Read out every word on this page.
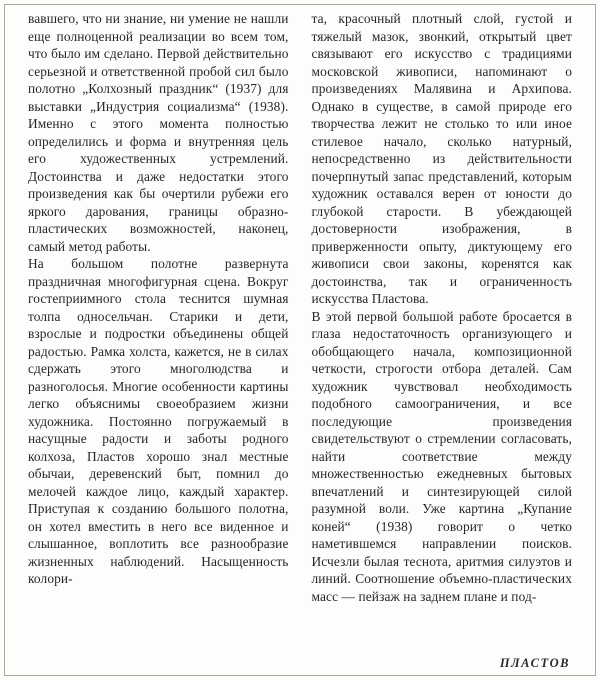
вавшего, что ни знание, ни умение не нашли еще полноценной реализации во всем том, что было им сделано. Первой действительно серьезной и ответственной пробой сил было полотно „Колхозный праздник“ (1937) для выставки „Индустрия социализма“ (1938). Именно с этого момента полностью определились и форма и внутренняя цель его художественных устремлений. Достоинства и даже недостатки этого произведения как бы очертили рубежи его яркого дарования, границы образно-пластических возможностей, наконец, самый метод работы.

На большом полотне развернута праздничная многофигурная сцена. Вокруг гостеприимного стола теснится шумная толпа односельчан. Старики и дети, взрослые и подростки объединены общей радостью. Рамка холста, кажется, не в силах сдержать этого многолюдства и разноголосья. Многие особенности картины легко объяснимы своеобразием жизни художника. Постоянно погружаемый в насущные радости и заботы родного колхоза, Пластов хорошо знал местные обычаи, деревенский быт, помнил до мелочей каждое лицо, каждый характер. Приступая к созданию большого полотна, он хотел вместить в него все виденное и слышанное, воплотить все разнообразие жизненных наблюдений. Насыщенность колори-

та, красочный плотный слой, густой и тяжелый мазок, звонкий, открытый цвет связывают его искусство с традициями московской живописи, напоминают о произведениях Малявина и Архипова. Однако в существе, в самой природе его творчества лежит не столько то или иное стилевое начало, сколько натурный, непосредственно из действительности почерпнутый запас представлений, которым художник оставался верен от юности до глубокой старости. В убеждающей достоверности изображения, в приверженности опыту, диктующему его живописи свои законы, коренятся как достоинства, так и ограниченность искусства Пластова.

В этой первой большой работе бросается в глаза недостаточность организующего и обобщающего начала, композиционной четкости, строгости отбора деталей. Сам художник чувствовал необходимость подобного самоограничения, и все последующие произведения свидетельствуют о стремлении согласовать, найти соответствие между множественностью ежедневных бытовых впечатлений и синтезирующей силой разумной воли. Уже картина „Купание коней“ (1938) говорит о четко наметившемся направлении поисков. Исчезли былая теснота, аритмия силуэтов и линий. Соотношение объемно-пластических масс — пейзаж на заднем плане и под-

ПЛАСТОВ
